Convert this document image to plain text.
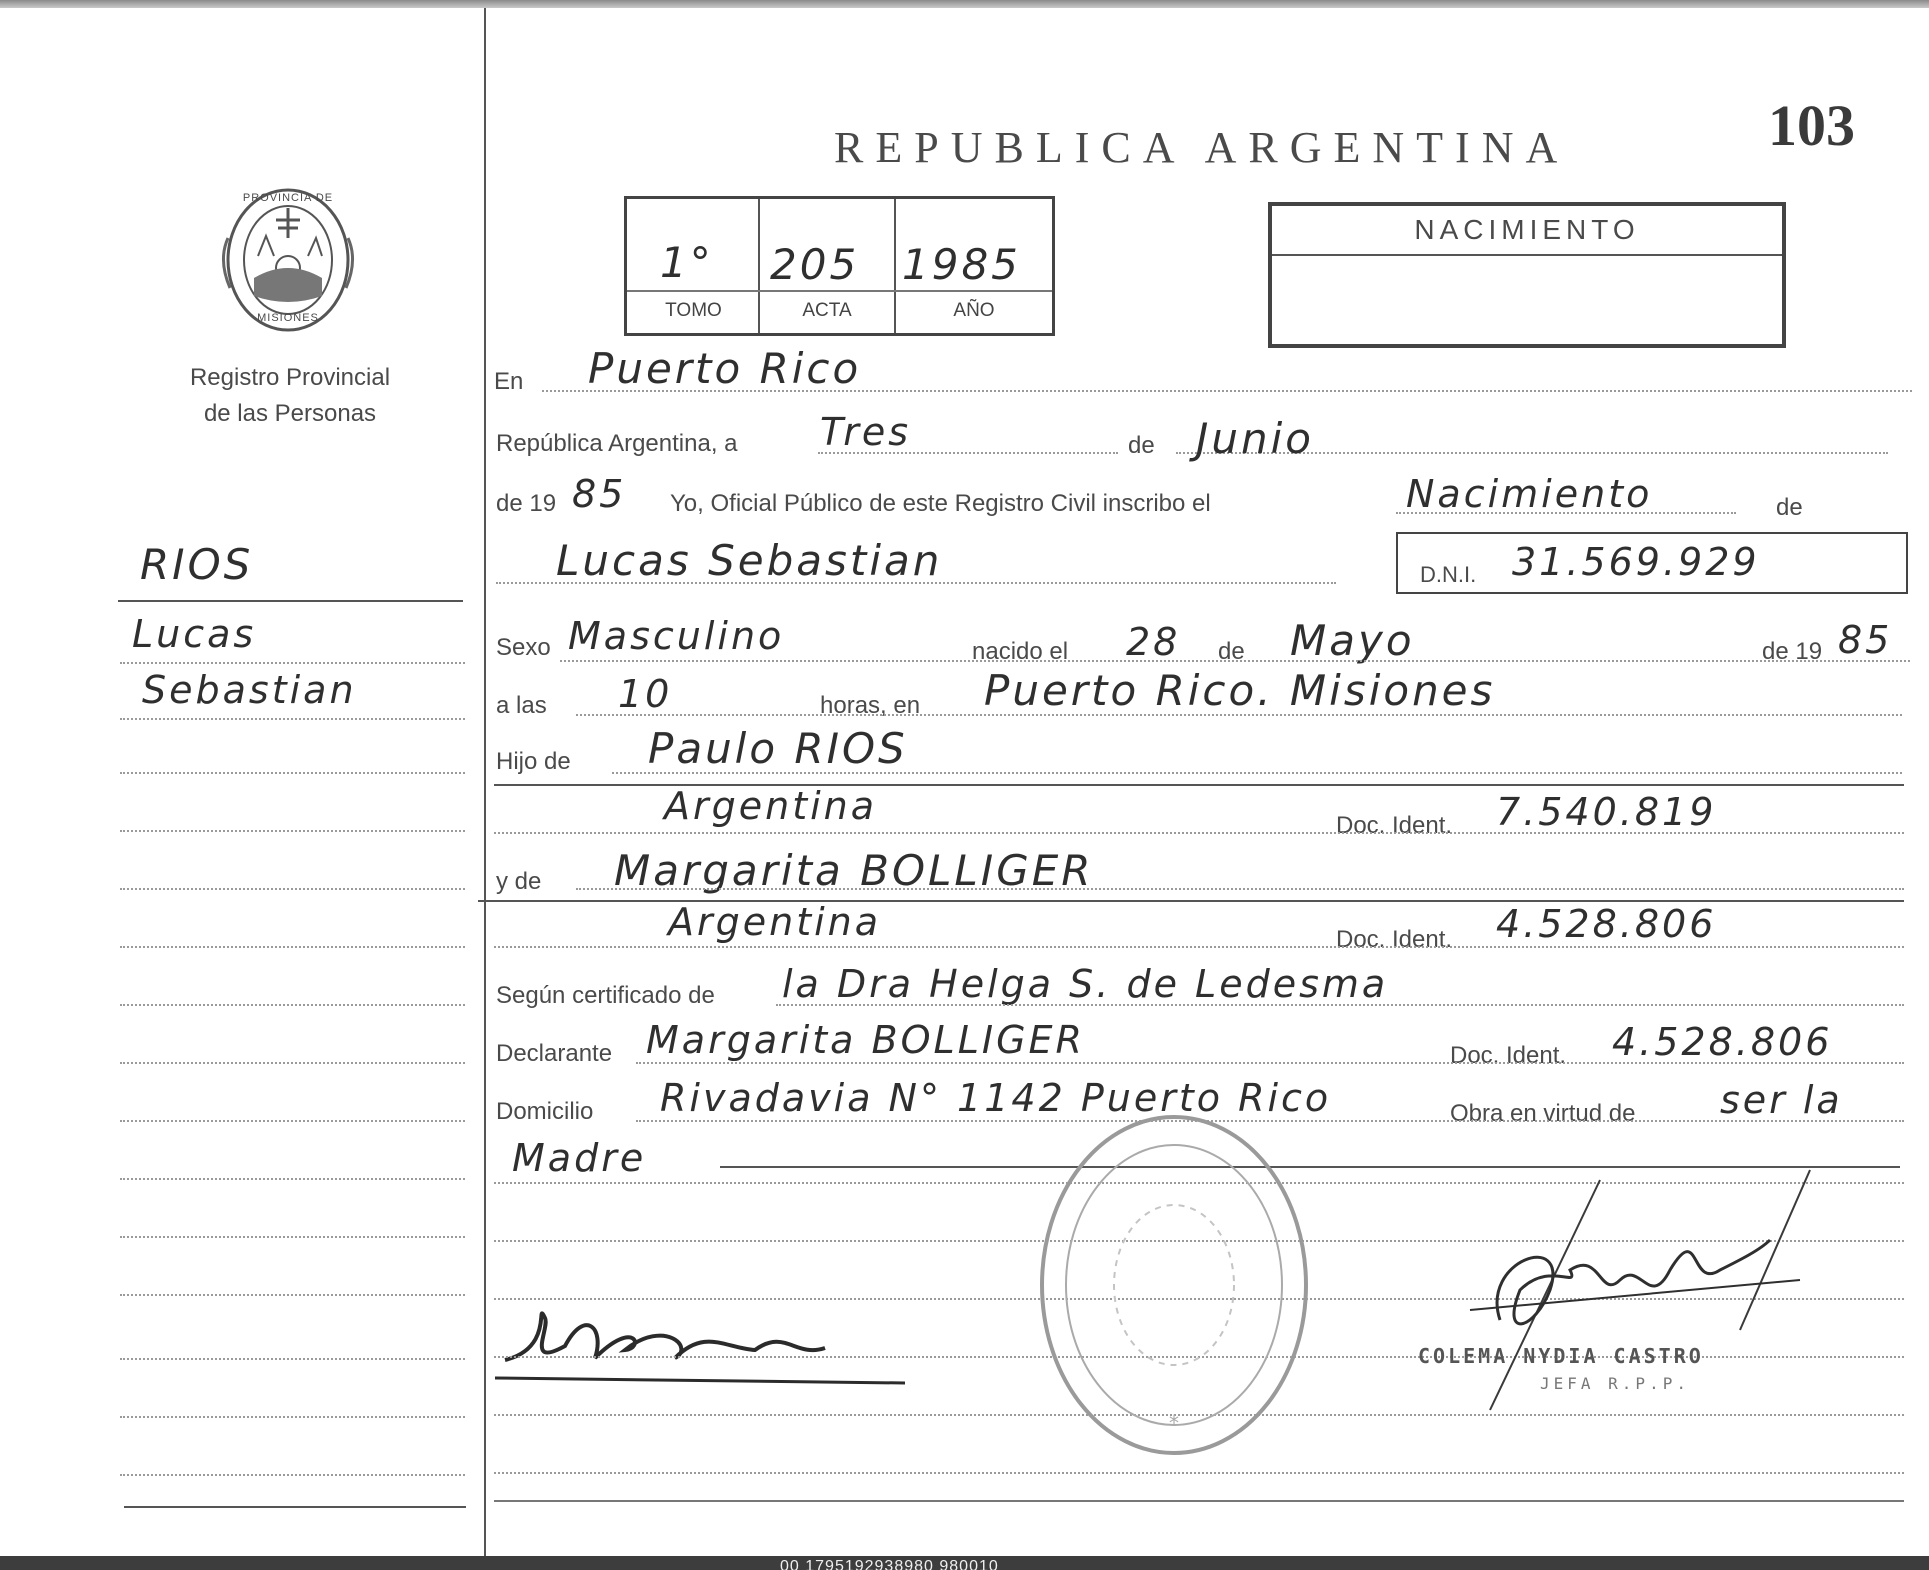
00 1795192938980 980010
PROVINCIA DE
MISIONES
Registro Provincial
de las Personas
RIOS
Lucas
Sebastian
REPUBLICA ARGENTINA	103
1° 205 1985
TOMO	ACTA	AÑO
NACIMIENTO
En Puerto Rico
República Argentina, a Tres	de Junio
de 19 85 Yo, Oficial Público de este Registro Civil inscribo el	Nacimiento	de
Lucas Sebastian	D.N.I. 31.569.929
Sexo Masculino	nacido el 28 de Mayo	de 19 85
a las 10	horas, en Puerto Rico. Misiones
Hijo de Paulo RIOS
Argentina	Doc. Ident. 7.540.819
y de Margarita BOLLIGER
Argentina	Doc. Ident. 4.528.806
Según certificado de la Dra Helga S. de Ledesma
Declarante Margarita BOLLIGER	Doc. Ident. 4.528.806
Domicilio Rivadavia N° 1142 Puerto Rico	Obra en virtud de ser la
Madre
*
COLEMA NYDIA CASTRO
JEFA R.P.P.
